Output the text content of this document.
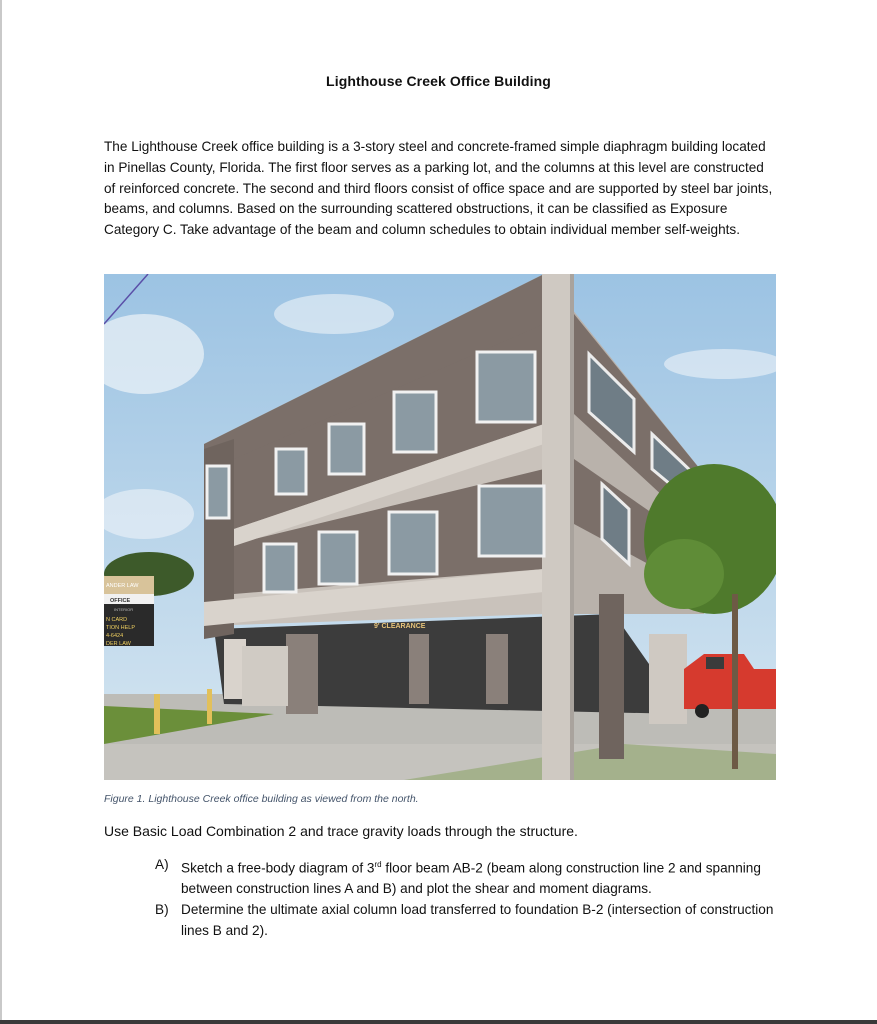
Lighthouse Creek Office Building

The Lighthouse Creek office building is a 3-story steel and concrete-framed simple diaphragm building located in Pinellas County, Florida. The first floor serves as a parking lot, and the columns at this level are constructed of reinforced concrete. The second and third floors consist of office space and are supported by steel bar joints, beams, and columns. Based on the surrounding scattered obstructions, it can be classified as Exposure Category C. Take advantage of the beam and column schedules to obtain individual member self-weights.

9' CLEARANCE
ANDER LAW
OFFICE
INTERIOR
N CARD
TION HELP
4-6424
DER LAW
Figure 1. Lighthouse Creek office building as viewed from the north.
Use Basic Load Combination 2 and trace gravity loads through the structure.
A) Sketch a free-body diagram of 3rd floor beam AB-2 (beam along construction line 2 and spanning between construction lines A and B) and plot the shear and moment diagrams.
B) Determine the ultimate axial column load transferred to foundation B-2 (intersection of construction lines B and 2).
